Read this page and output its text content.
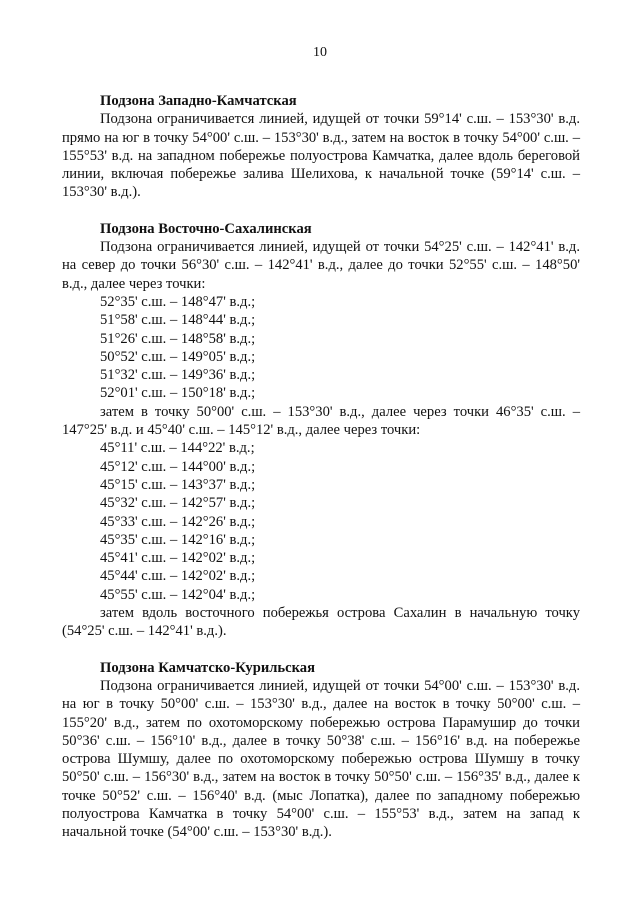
10

Подзона Западно-Камчатская

Подзона ограничивается линией, идущей от точки 59°14' с.ш. – 153°30' в.д. прямо на юг в точку 54°00' с.ш. – 153°30' в.д., затем на восток в точку 54°00' с.ш. – 155°53' в.д. на западном побережье полуострова Камчатка, далее вдоль береговой линии, включая побережье залива Шелихова, к начальной точке (59°14' с.ш. – 153°30' в.д.).

Подзона Восточно-Сахалинская

Подзона ограничивается линией, идущей от точки 54°25' с.ш. – 142°41' в.д. на север до точки 56°30' с.ш. – 142°41' в.д., далее до точки 52°55' с.ш. – 148°50' в.д., далее через точки:

52°35' с.ш. – 148°47' в.д.;

51°58' с.ш. – 148°44' в.д.;

51°26' с.ш. – 148°58' в.д.;

50°52' с.ш. – 149°05' в.д.;

51°32' с.ш. – 149°36' в.д.;

52°01' с.ш. – 150°18' в.д.;

затем в точку 50°00' с.ш. – 153°30' в.д., далее через точки 46°35' с.ш. – 147°25' в.д. и 45°40' с.ш. – 145°12' в.д., далее через точки:

45°11' с.ш. – 144°22' в.д.;

45°12' с.ш. – 144°00' в.д.;

45°15' с.ш. – 143°37' в.д.;

45°32' с.ш. – 142°57' в.д.;

45°33' с.ш. – 142°26' в.д.;

45°35' с.ш. – 142°16' в.д.;

45°41' с.ш. – 142°02' в.д.;

45°44' с.ш. – 142°02' в.д.;

45°55' с.ш. – 142°04' в.д.;

затем вдоль восточного побережья острова Сахалин в начальную точку (54°25' с.ш. – 142°41' в.д.).

Подзона Камчатско-Курильская

Подзона ограничивается линией, идущей от точки 54°00' с.ш. – 153°30' в.д. на юг в точку 50°00' с.ш. – 153°30' в.д., далее на восток в точку 50°00' с.ш. – 155°20' в.д., затем по охотоморскому побережью острова Парамушир до точки 50°36' с.ш. – 156°10' в.д., далее в точку 50°38' с.ш. – 156°16' в.д. на побережье острова Шумшу, далее по охотоморскому побережью острова Шумшу в точку 50°50' с.ш. – 156°30' в.д., затем на восток в точку 50°50' с.ш. – 156°35' в.д., далее к точке 50°52' с.ш. – 156°40' в.д. (мыс Лопатка), далее по западному побережью полуострова Камчатка в точку 54°00' с.ш. – 155°53' в.д., затем на запад к начальной точке (54°00' с.ш. – 153°30' в.д.).
